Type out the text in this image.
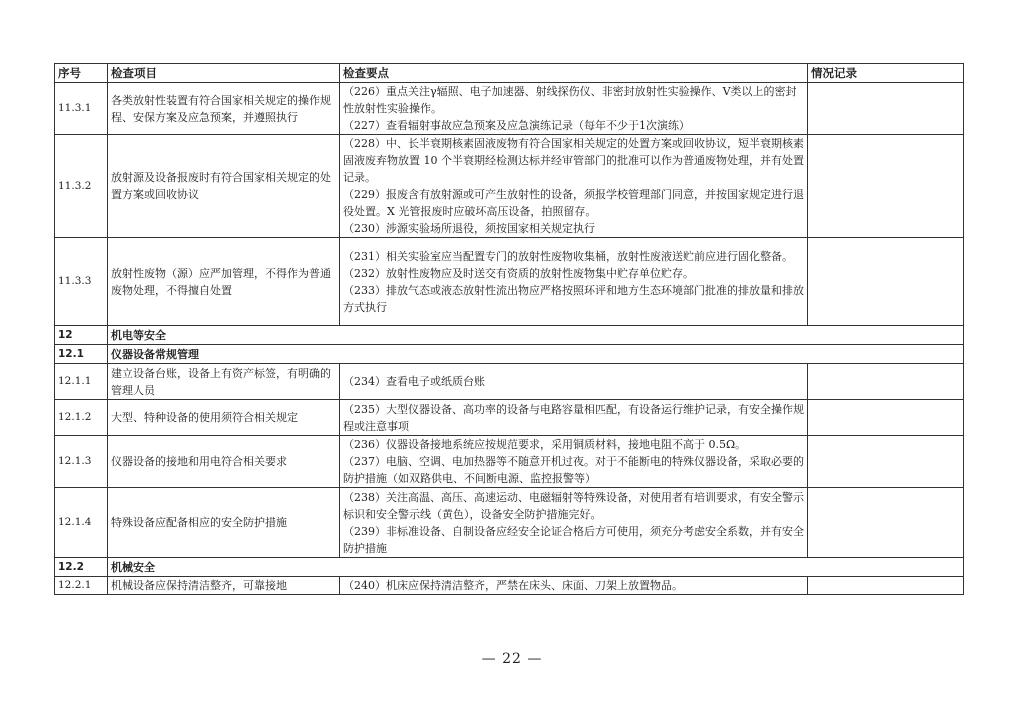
序号	检查项目	检查要点	情况记录
11.3.1	各类放射性装置有符合国家相关规定的操作规程、安保方案及应急预案，并遵照执行	（226）重点关注γ辐照、电子加速器、射线探伤仪、非密封放射性实验操作、V类以上的密封性放射性实验操作。
（227）查看辐射事故应急预案及应急演练记录（每年不少于1次演练）	

11.3.2	放射源及设备报废时有符合国家相关规定的处置方案或回收协议	（228）中、长半衰期核素固液废物有符合国家相关规定的处置方案或回收协议，短半衰期核素固液废弃物放置 10 个半衰期经检测达标并经审管部门的批准可以作为普通废物处理，并有处置记录。
（229）报废含有放射源或可产生放射性的设备，须报学校管理部门同意，并按国家规定进行退役处置。X 光管报废时应破坏高压设备，拍照留存。
（230）涉源实验场所退役，须按国家相关规定执行	

11.3.3	放射性废物（源）应严加管理，不得作为普通废物处理，不得擅自处置	（231）相关实验室应当配置专门的放射性废物收集桶，放射性废液送贮前应进行固化整备。
（232）放射性废物应及时送交有资质的放射性废物集中贮存单位贮存。
（233）排放气态或液态放射性流出物应严格按照环评和地方生态环境部门批准的排放量和排放方式执行	

12	机电等安全		
12.1	仪器设备常规管理		
12.1.1	建立设备台账，设备上有资产标签，有明确的管理人员	（234）查看电子或纸质台账	

12.1.2	大型、特种设备的使用须符合相关规定	（235）大型仪器设备、高功率的设备与电路容量相匹配，有设备运行维护记录，有安全操作规程或注意事项	

12.1.3	仪器设备的接地和用电符合相关要求	（236）仪器设备接地系统应按规范要求，采用铜质材料，接地电阻不高于 0.5Ω。
（237）电脑、空调、电加热器等不随意开机过夜。对于不能断电的特殊仪器设备，采取必要的防护措施（如双路供电、不间断电源、监控报警等）	

12.1.4	特殊设备应配备相应的安全防护措施	（238）关注高温、高压、高速运动、电磁辐射等特殊设备，对使用者有培训要求，有安全警示标识和安全警示线（黄色），设备安全防护措施完好。
（239）非标准设备、自制设备应经安全论证合格后方可使用，须充分考虑安全系数，并有安全防护措施	

12.2	机械安全		
12.2.1	机械设备应保持清洁整齐，可靠接地	（240）机床应保持清洁整齐，严禁在床头、床面、刀架上放置物品。	

— 22 —
